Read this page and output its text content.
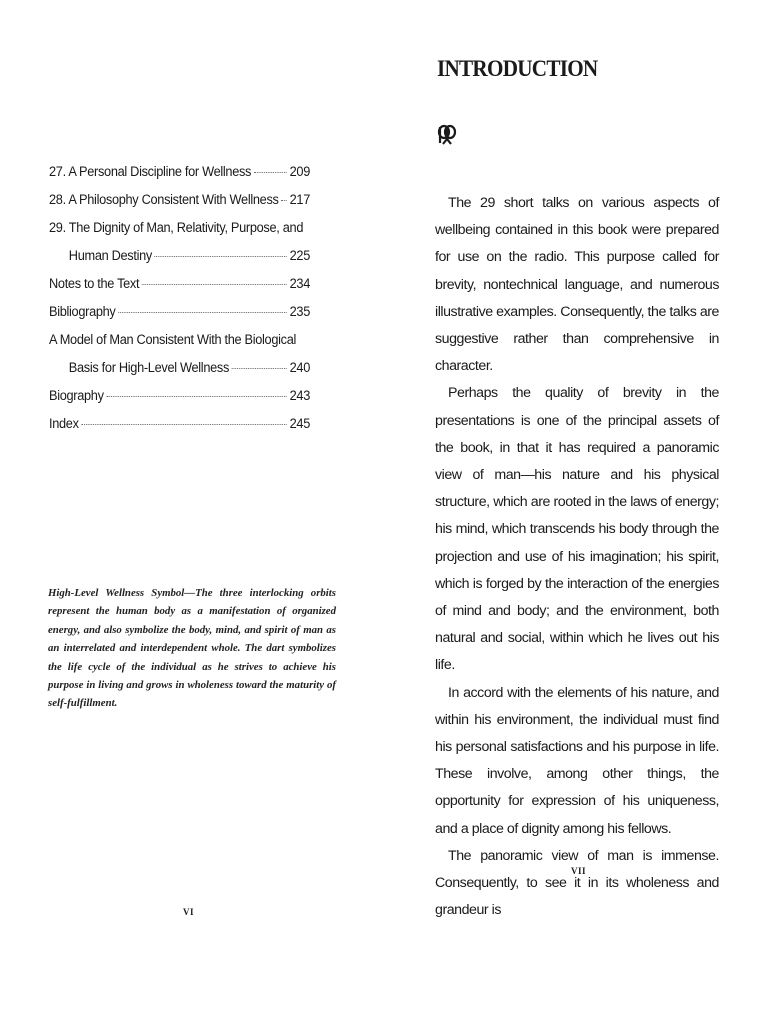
27. A Personal Discipline for Wellness	209
28. A Philosophy Consistent With Wellness 217
29. The Dignity of Man, Relativity, Purpose, and
Human Destiny	225
Notes to the Text	234
Bibliography	235
A Model of Man Consistent With the Biological
Basis for High-Level Wellness	240
Biography	243
Index	245
High-Level Wellness Symbol—The three interlocking orbits represent the human body as a manifestation of organized energy, and also symbolize the body, mind, and spirit of man as an interrelated and interdependent whole. The dart symbolizes the life cycle of the individual as he strives to achieve his purpose in living and grows in wholeness toward the maturity of self-fulfillment.
VI
INTRODUCTION

The 29 short talks on various aspects of wellbeing contained in this book were prepared for use on the radio. This purpose called for brevity, nontechnical language, and numerous illustrative examples. Consequently, the talks are suggestive rather than comprehensive in character.

Perhaps the quality of brevity in the presentations is one of the principal assets of the book, in that it has required a panoramic view of man—his nature and his physical structure, which are rooted in the laws of energy; his mind, which transcends his body through the projection and use of his imagination; his spirit, which is forged by the interaction of the energies of mind and body; and the environment, both natural and social, within which he lives out his life.

In accord with the elements of his nature, and within his environment, the individual must find his personal satisfactions and his purpose in life. These involve, among other things, the opportunity for expression of his uniqueness, and a place of dignity among his fellows.

The panoramic view of man is immense. Consequently, to see it in its wholeness and grandeur is

VII
